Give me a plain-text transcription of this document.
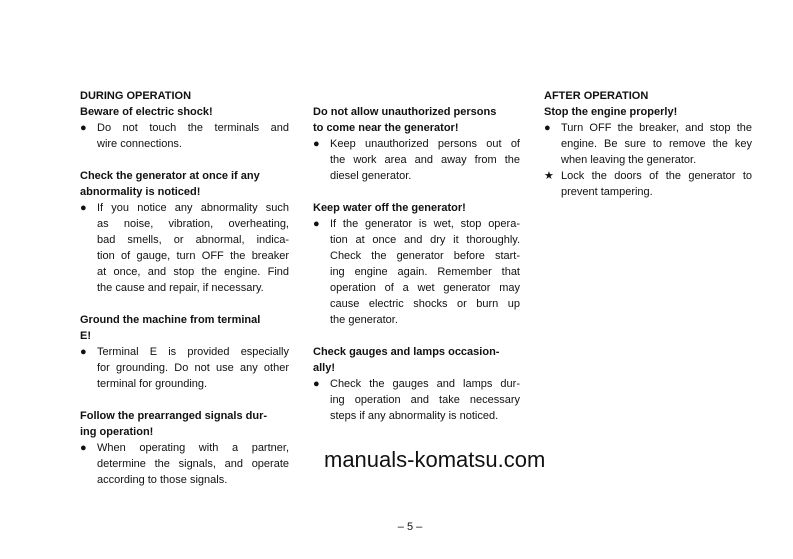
DURING OPERATION
Beware of electric shock!
● Do not touch the terminals and
wire connections.
Check the generator at once if any
abnormality is noticed!
● If you notice any abnormality such
as noise, vibration, overheating,
bad smells, or abnormal, indica-
tion of gauge, turn OFF the breaker
at once, and stop the engine. Find
the cause and repair, if necessary.
Ground the machine from terminal
E!
● Terminal E is provided especially
for grounding. Do not use any other
terminal for grounding.
Follow the prearranged signals dur-
ing operation!
● When operating with a partner,
determine the signals, and operate
according to those signals.
Do not allow unauthorized persons
to come near the generator!
● Keep unauthorized persons out of
the work area and away from the
diesel generator.
Keep water off the generator!
● If the generator is wet, stop opera-
tion at once and dry it thoroughly.
Check the generator before start-
ing engine again. Remember that
operation of a wet generator may
cause electric shocks or burn up
the generator.
Check gauges and lamps occasion-
ally!
● Check the gauges and lamps dur-
ing operation and take necessary
steps if any abnormality is noticed.
AFTER OPERATION
Stop the engine properly!
● Turn OFF the breaker, and stop the
engine. Be sure to remove the key
when leaving the generator.
★ Lock the doors of the generator to
prevent tampering.
manuals-komatsu.com
– 5 –
